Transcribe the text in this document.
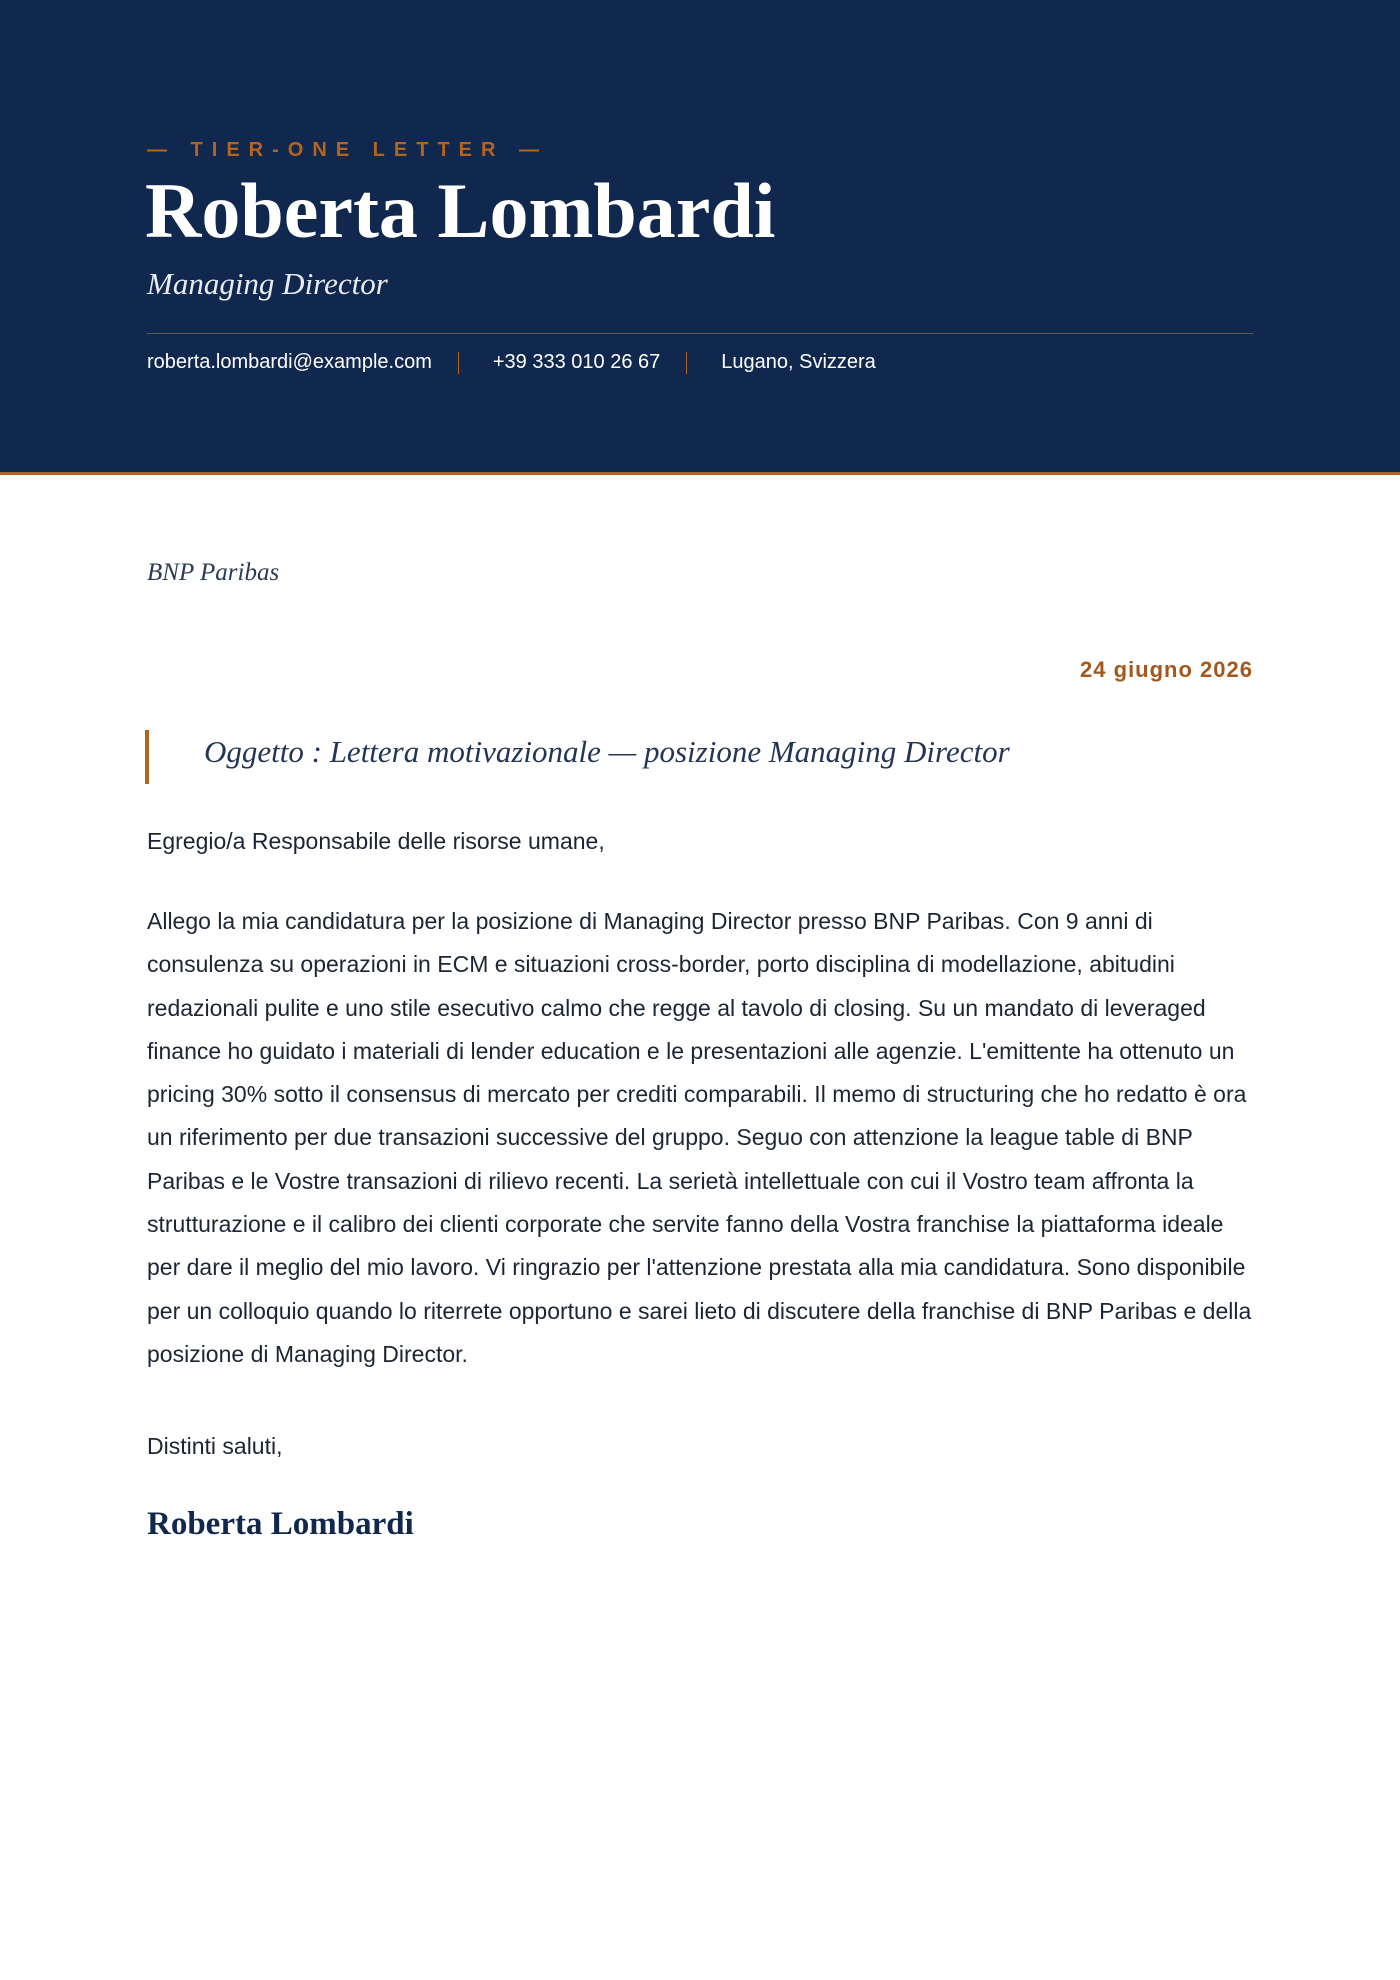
— TIER-ONE LETTER —
Roberta Lombardi
Managing Director
roberta.lombardi@example.com	+39 333 010 26 67	Lugano, Svizzera
BNP Paribas
24 giugno 2026
Oggetto : Lettera motivazionale — posizione Managing Director
Egregio/a Responsabile delle risorse umane,

Allego la mia candidatura per la posizione di Managing Director presso BNP Paribas. Con 9 anni di consulenza su operazioni in ECM e situazioni cross-border, porto disciplina di modellazione, abitudini redazionali pulite e uno stile esecutivo calmo che regge al tavolo di closing. Su un mandato di leveraged finance ho guidato i materiali di lender education e le presentazioni alle agenzie. L'emittente ha ottenuto un pricing 30% sotto il consensus di mercato per crediti comparabili. Il memo di structuring che ho redatto è ora un riferimento per due transazioni successive del gruppo. Seguo con attenzione la league table di BNP Paribas e le Vostre transazioni di rilievo recenti. La serietà intellettuale con cui il Vostro team affronta la strutturazione e il calibro dei clienti corporate che servite fanno della Vostra franchise la piattaforma ideale per dare il meglio del mio lavoro. Vi ringrazio per l'attenzione prestata alla mia candidatura. Sono disponibile per un colloquio quando lo riterrete opportuno e sarei lieto di discutere della franchise di BNP Paribas e della posizione di Managing Director.

Distinti saluti,
Roberta Lombardi
